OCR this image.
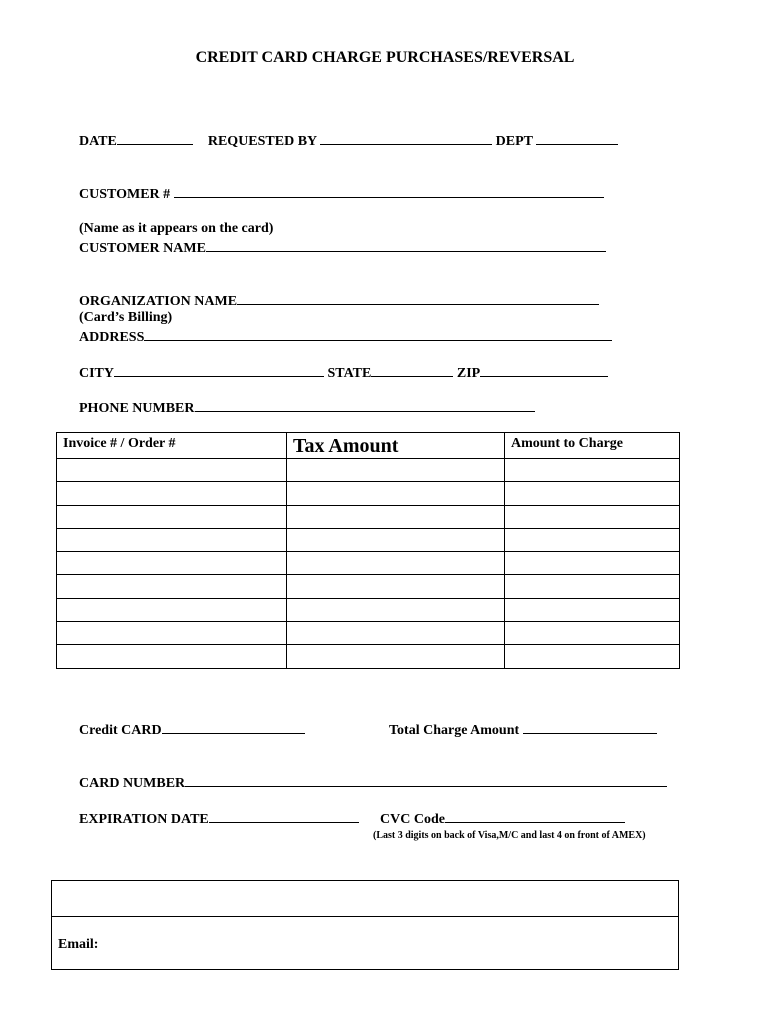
CREDIT CARD CHARGE PURCHASES/REVERSAL
DATE	REQUESTED BY	DEPT
CUSTOMER #
(Name as it appears on the card)
CUSTOMER NAME
ORGANIZATION NAME
(Card’s Billing)
ADDRESS
CITY	STATE	ZIP
PHONE NUMBER
Invoice # / Order #	Tax Amount	Amount to Charge

Credit CARD	Total Charge Amount
CARD NUMBER
EXPIRATION DATE	CVC Code
(Last 3 digits on back of Visa,M/C and last 4 on front of AMEX)
Email:
